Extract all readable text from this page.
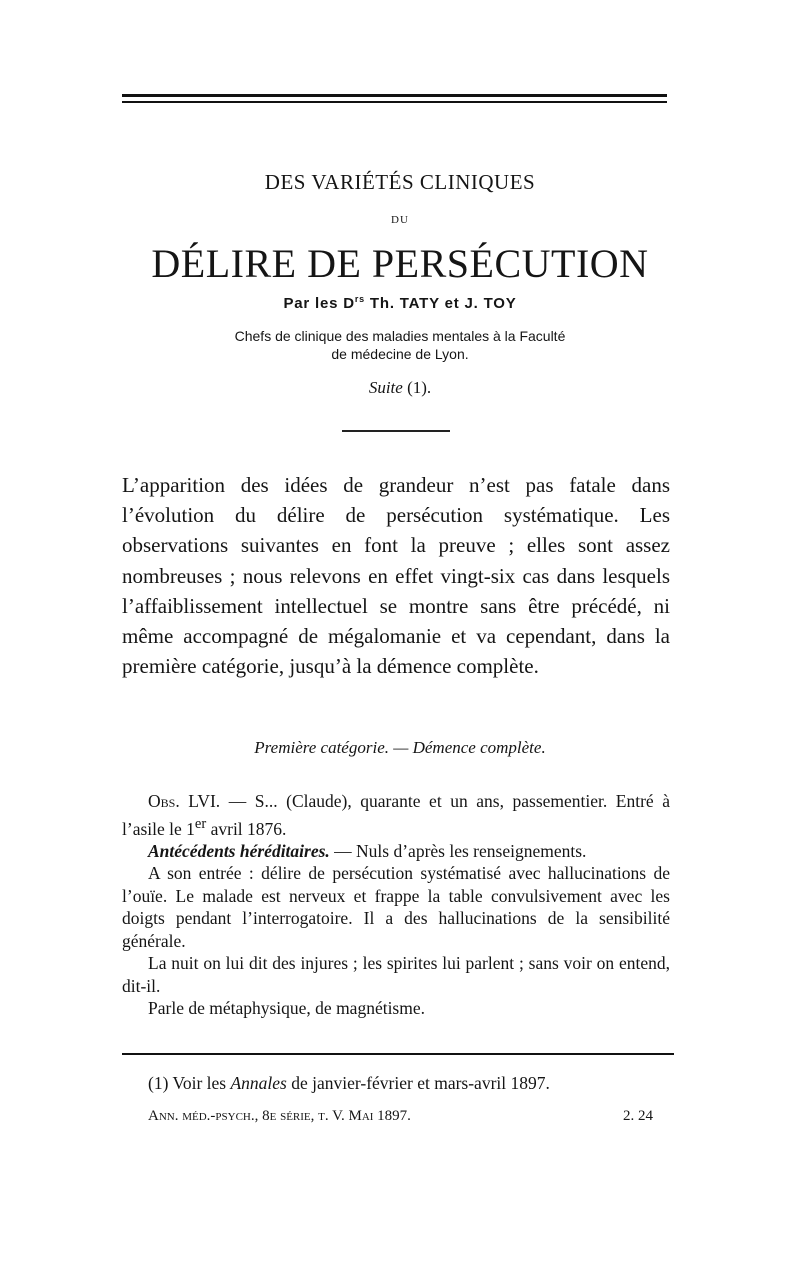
DES VARIÉTÉS CLINIQUES
DU
DÉLIRE DE PERSÉCUTION
Par les $D^{rs}$ Th. TATY et J. TOY
Chefs de clinique des maladies mentales à la Faculté
de médecine de Lyon.
Suite (1).
L’apparition des idées de grandeur n’est pas fatale dans l’évolution du délire de persécution systématique. Les observations suivantes en font la preuve ; elles sont assez nombreuses ; nous relevons en effet vingt-six cas dans lesquels l’affaiblissement intellectuel se montre sans être précédé, ni même accompagné de mégalomanie et va cependant, dans la première catégorie, jusqu’à la démence complète.
Première catégorie. — Démence complète.

Obs. LVI. — S... (Claude), quarante et un ans, passementier. Entré à l’asile le 1er avril 1876.

Antécédents héréditaires. — Nuls d’après les renseignements.

A son entrée : délire de persécution systématisé avec hallucinations de l’ouïe. Le malade est nerveux et frappe la table convulsivement avec les doigts pendant l’interrogatoire. Il a des hallucinations de la sensibilité générale.

La nuit on lui dit des injures ; les spirites lui parlent ; sans voir on entend, dit-il.

Parle de métaphysique, de magnétisme.

(1) Voir les Annales de janvier-février et mars-avril 1897.
Ann. méd.-psych., 8e série, t. V. Mai 1897.	2. 24
